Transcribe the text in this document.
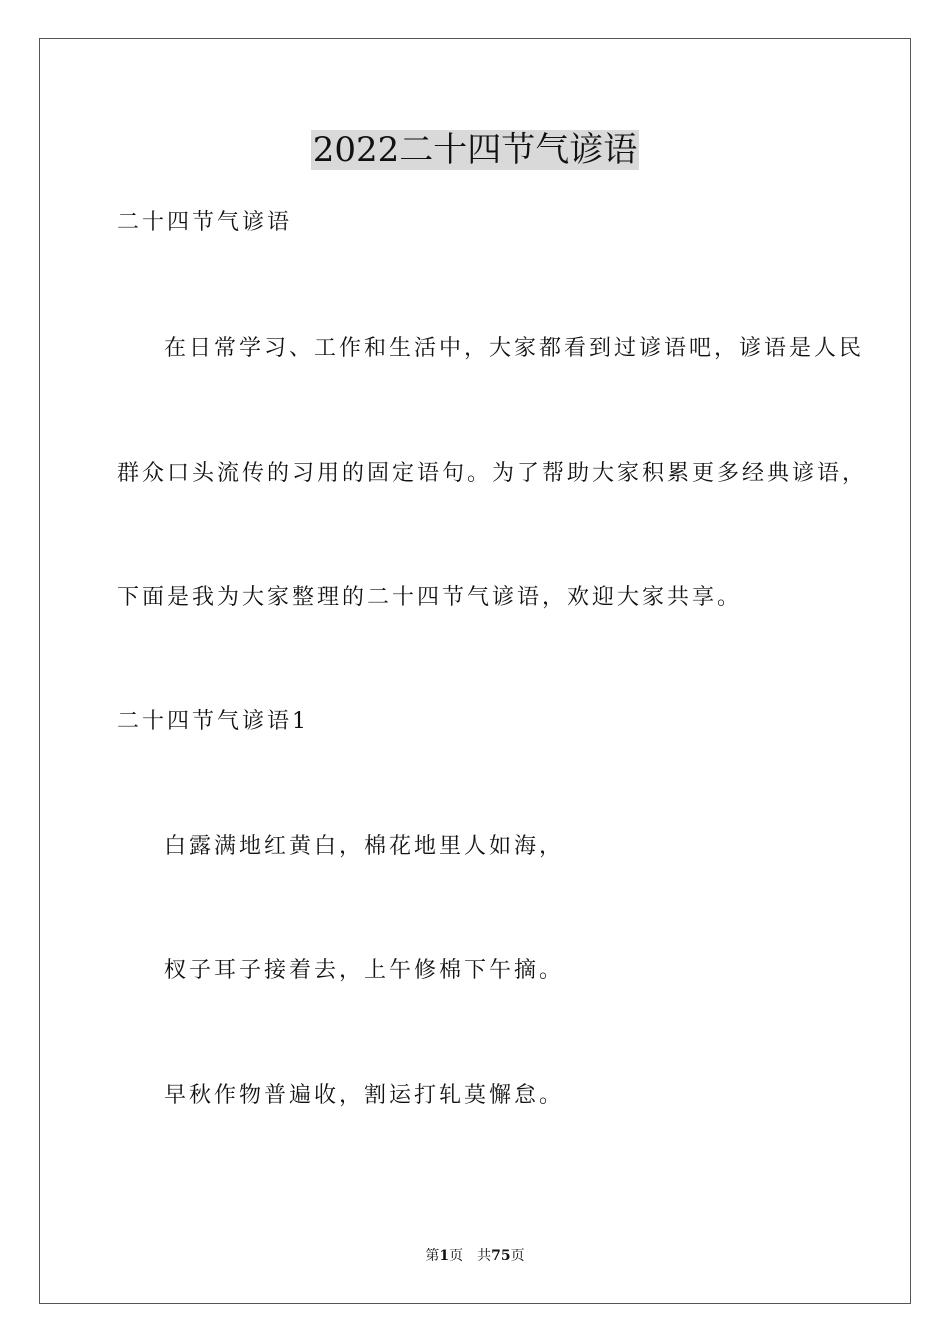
2022二十四节气谚语
二十四节气谚语
在日常学习、工作和生活中，大家都看到过谚语吧，谚语是人民
群众口头流传的习用的固定语句。为了帮助大家积累更多经典谚语，
下面是我为大家整理的二十四节气谚语，欢迎大家共享。
二十四节气谚语1
白露满地红黄白，棉花地里人如海，
杈子耳子接着去，上午修棉下午摘。
早秋作物普遍收，割运打轧莫懈怠。
第1页 共75页
